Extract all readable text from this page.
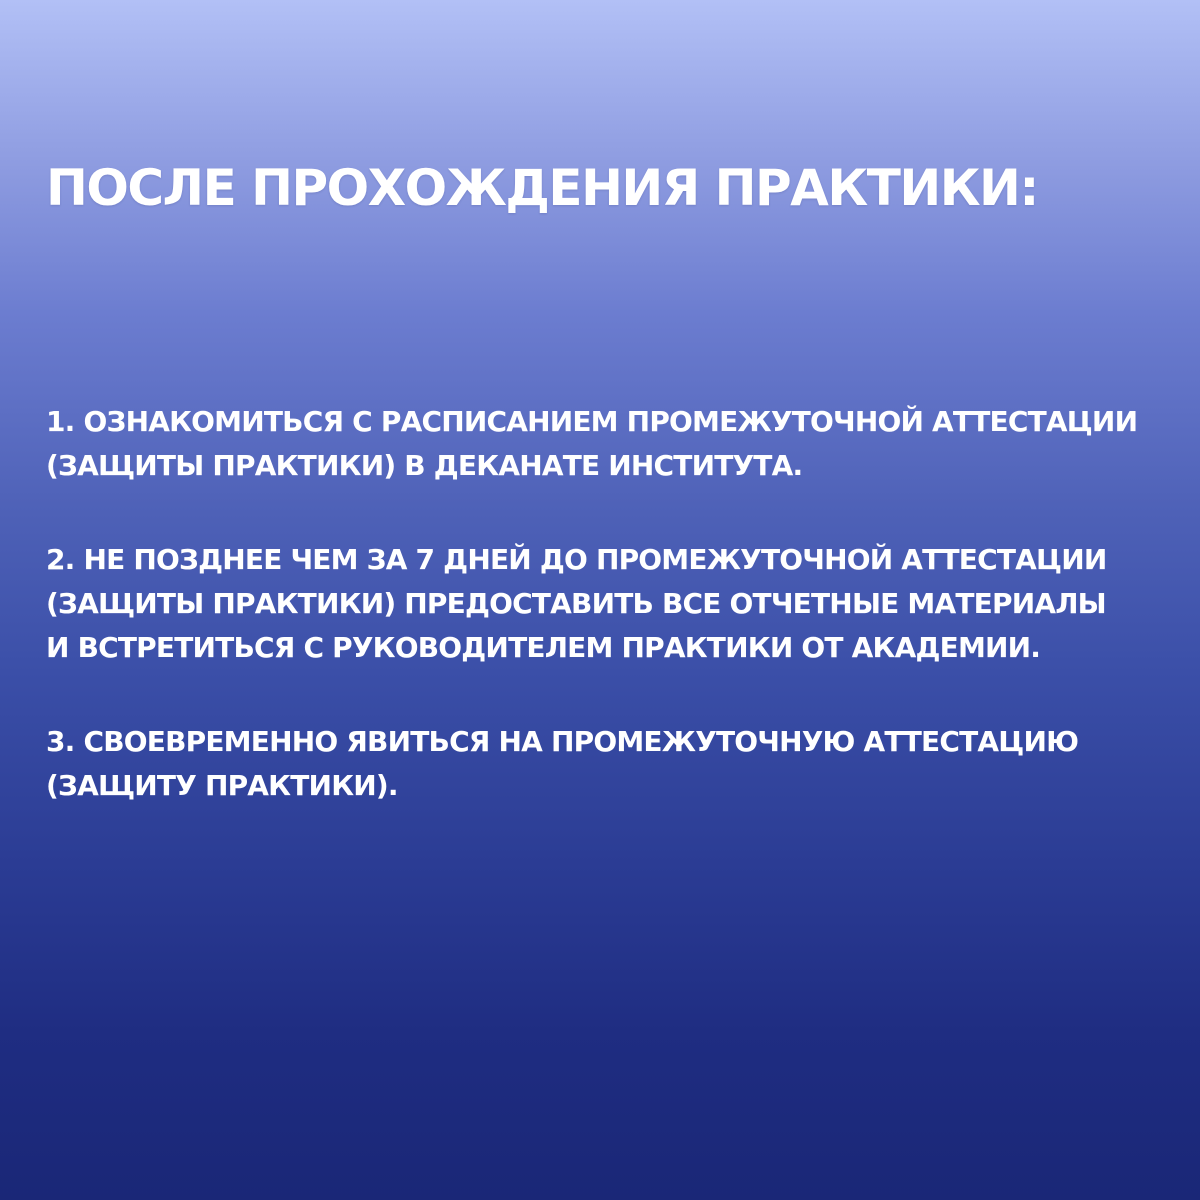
ПОСЛЕ ПРОХОЖДЕНИЯ ПРАКТИКИ:
1. ОЗНАКОМИТЬСЯ С РАСПИСАНИЕМ ПРОМЕЖУТОЧНОЙ АТТЕСТАЦИИ
(ЗАЩИТЫ ПРАКТИКИ) В ДЕКАНАТЕ ИНСТИТУТА.
2. НЕ ПОЗДНЕЕ ЧЕМ ЗА 7 ДНЕЙ ДО ПРОМЕЖУТОЧНОЙ АТТЕСТАЦИИ
(ЗАЩИТЫ ПРАКТИКИ) ПРЕДОСТАВИТЬ ВСЕ ОТЧЕТНЫЕ МАТЕРИАЛЫ
И ВСТРЕТИТЬСЯ С РУКОВОДИТЕЛЕМ ПРАКТИКИ ОТ АКАДЕМИИ.
3. СВОЕВРЕМЕННО ЯВИТЬСЯ НА ПРОМЕЖУТОЧНУЮ АТТЕСТАЦИЮ
(ЗАЩИТУ ПРАКТИКИ).
